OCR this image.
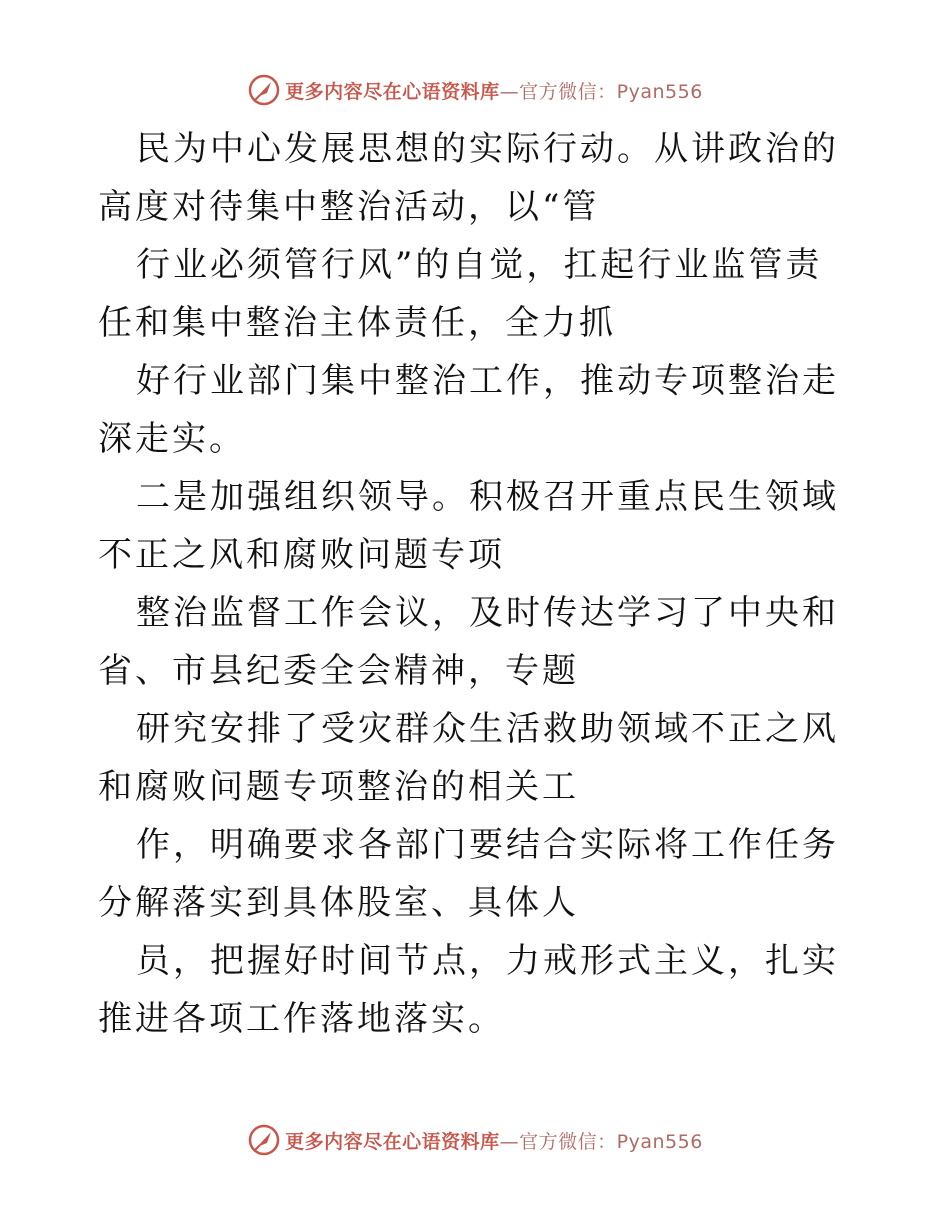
更多内容尽在心语资料库 —官方微信：Pyan556

民为中心发展思想的实际行动。从讲政治的高度对待集中整治活动，以“管

行业必须管行风”的自觉，扛起行业监管责任和集中整治主体责任，全力抓

好行业部门集中整治工作，推动专项整治走深走实。

二是加强组织领导。积极召开重点民生领域不正之风和腐败问题专项

整治监督工作会议，及时传达学习了中央和省、市县纪委全会精神，专题

研究安排了受灾群众生活救助领域不正之风和腐败问题专项整治的相关工

作，明确要求各部门要结合实际将工作任务分解落实到具体股室、具体人

员，把握好时间节点，力戒形式主义，扎实推进各项工作落地落实。

更多内容尽在心语资料库 —官方微信：Pyan556
